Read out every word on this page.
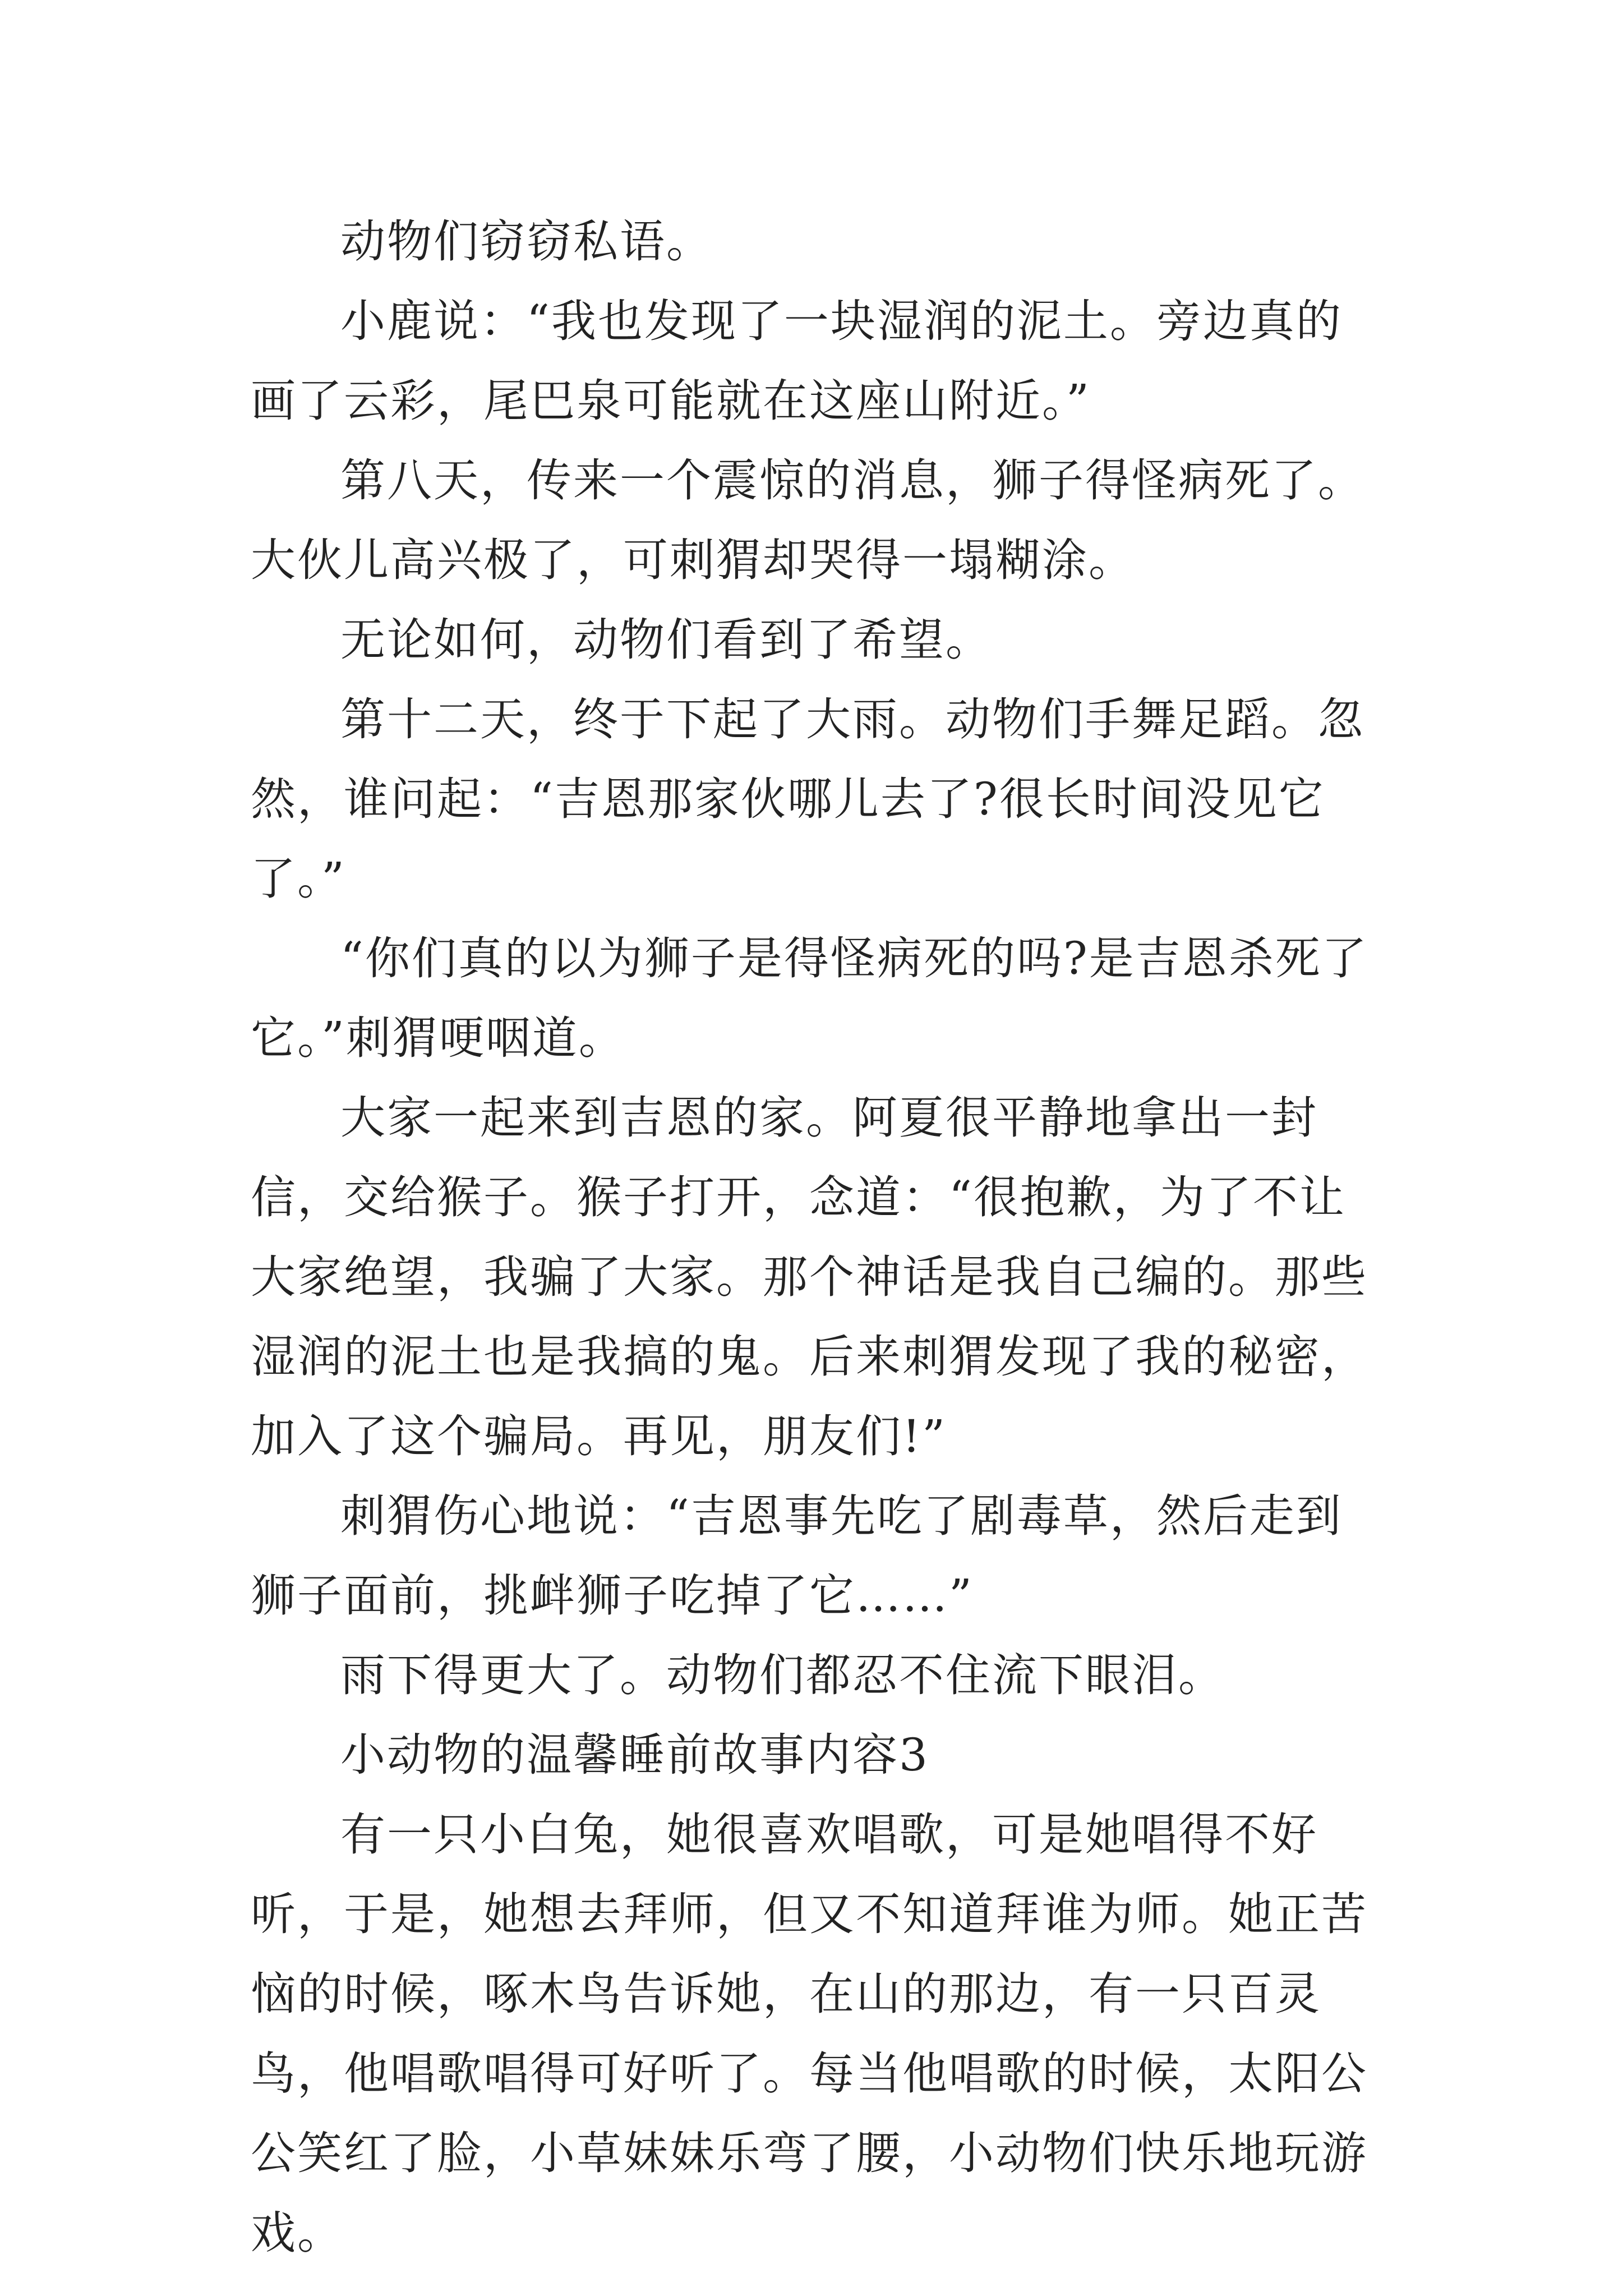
动物们窃窃私语。

小鹿说：“我也发现了一块湿润的泥土。旁边真的画了云彩，尾巴泉可能就在这座山附近。”

第八天，传来一个震惊的消息，狮子得怪病死了。大伙儿高兴极了，可刺猬却哭得一塌糊涂。

无论如何，动物们看到了希望。

第十二天，终于下起了大雨。动物们手舞足蹈。忽然，谁问起：“吉恩那家伙哪儿去了?很长时间没见它了。”

“你们真的以为狮子是得怪病死的吗?是吉恩杀死了它。”刺猬哽咽道。

大家一起来到吉恩的家。阿夏很平静地拿出一封信，交给猴子。猴子打开，念道：“很抱歉，为了不让大家绝望，我骗了大家。那个神话是我自己编的。那些湿润的泥土也是我搞的鬼。后来刺猬发现了我的秘密，加入了这个骗局。再见，朋友们!”

刺猬伤心地说：“吉恩事先吃了剧毒草，然后走到狮子面前，挑衅狮子吃掉了它……”

雨下得更大了。动物们都忍不住流下眼泪。

小动物的温馨睡前故事内容3

有一只小白兔，她很喜欢唱歌，可是她唱得不好听，于是，她想去拜师，但又不知道拜谁为师。她正苦恼的时候，啄木鸟告诉她，在山的那边，有一只百灵鸟，他唱歌唱得可好听了。每当他唱歌的时候，太阳公公笑红了脸，小草妹妹乐弯了腰，小动物们快乐地玩游戏。
